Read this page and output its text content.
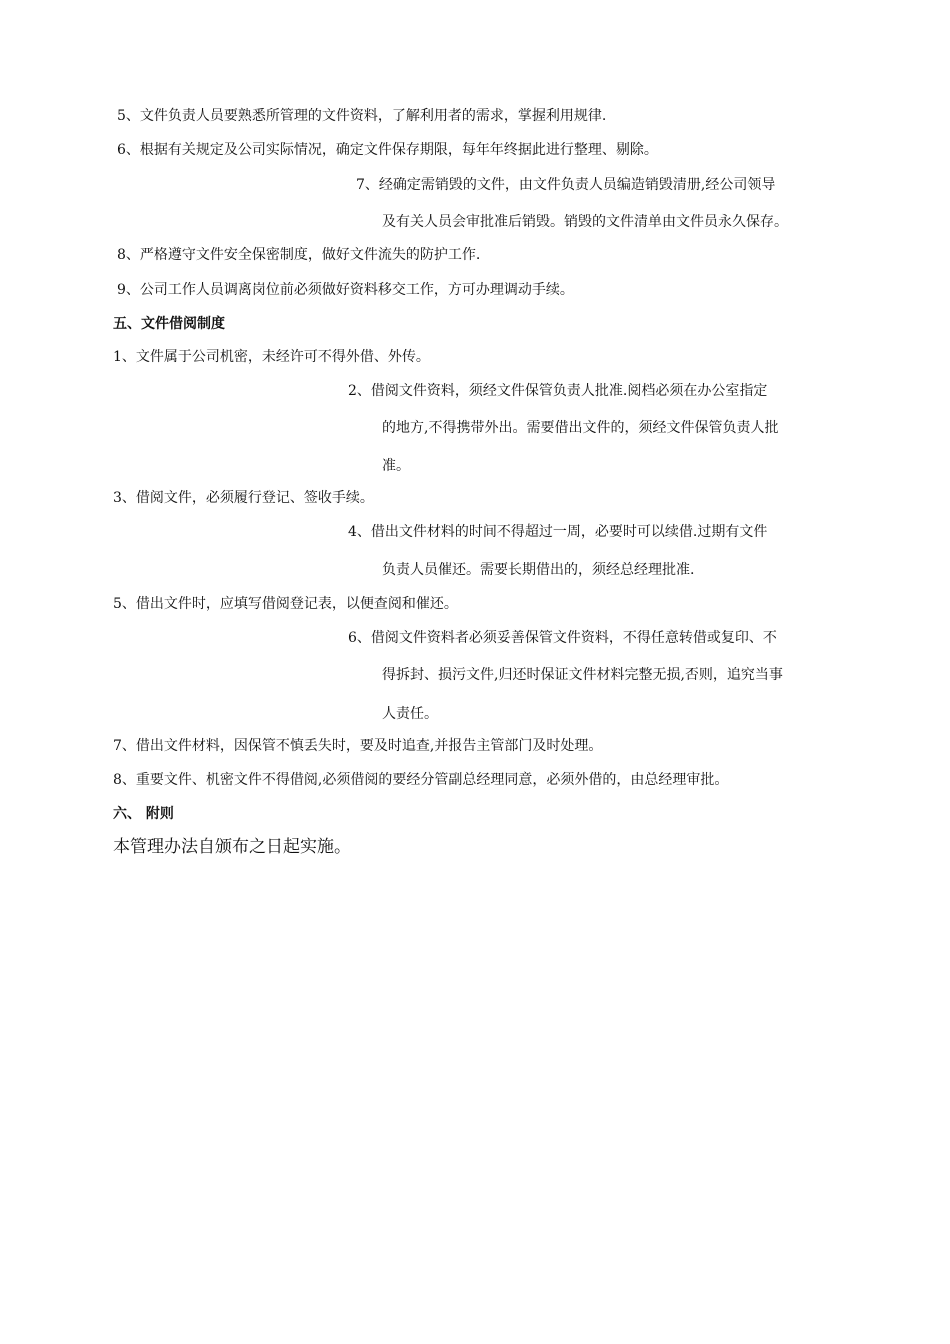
5、文件负责人员要熟悉所管理的文件资料，了解利用者的需求，掌握利用规律.
6、根据有关规定及公司实际情况，确定文件保存期限，每年年终据此进行整理、剔除。
7、经确定需销毁的文件，由文件负责人员编造销毁清册,经公司领导
及有关人员会审批准后销毁。销毁的文件清单由文件员永久保存。
8、严格遵守文件安全保密制度，做好文件流失的防护工作.
9、公司工作人员调离岗位前必须做好资料移交工作，方可办理调动手续。
五、文件借阅制度
1、文件属于公司机密，未经许可不得外借、外传。
2、借阅文件资料，须经文件保管负责人批准.阅档必须在办公室指定
的地方,不得携带外出。需要借出文件的，须经文件保管负责人批
准。
3、借阅文件，必须履行登记、签收手续。
4、借出文件材料的时间不得超过一周，必要时可以续借.过期有文件
负责人员催还。需要长期借出的，须经总经理批准.
5、借出文件时，应填写借阅登记表，以便查阅和催还。
6、借阅文件资料者必须妥善保管文件资料，不得任意转借或复印、不
得拆封、损污文件,归还时保证文件材料完整无损,否则，追究当事
人责任。
7、借出文件材料，因保管不慎丢失时，要及时追查,并报告主管部门及时处理。
8、重要文件、机密文件不得借阅,必须借阅的要经分管副总经理同意，必须外借的，由总经理审批。
六、 附则
本管理办法自颁布之日起实施。
